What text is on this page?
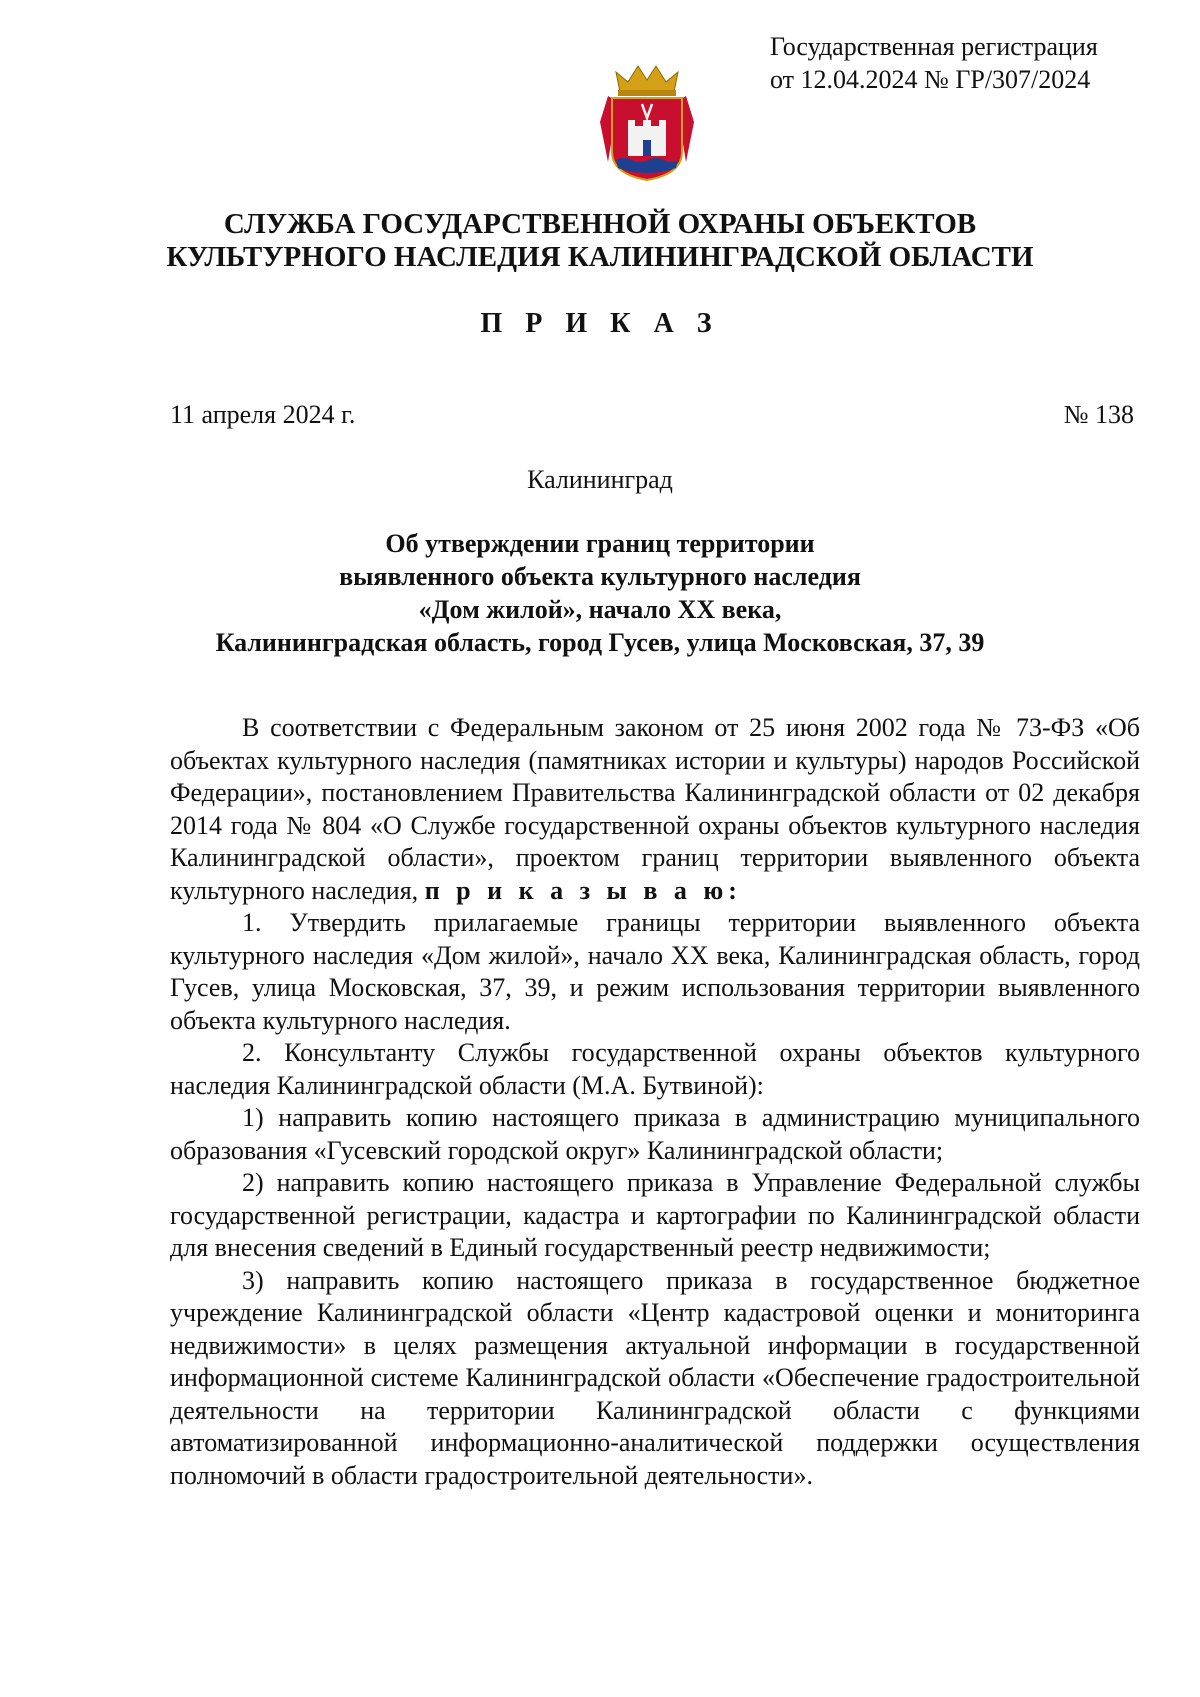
Государственная регистрация
от 12.04.2024 № ГР/307/2024
СЛУЖБА ГОСУДАРСТВЕННОЙ ОХРАНЫ ОБЪЕКТОВ
КУЛЬТУРНОГО НАСЛЕДИЯ КАЛИНИНГРАДСКОЙ ОБЛАСТИ
П Р И К А З
11 апреля 2024 г.	№ 138
Калининград
Об утверждении границ территории
выявленного объекта культурного наследия
«Дом жилой», начало XX века,
Калининградская область, город Гусев, улица Московская, 37, 39

В соответствии с Федеральным законом от 25 июня 2002 года № 73-ФЗ «Об объектах культурного наследия (памятниках истории и культуры) народов Российской Федерации», постановлением Правительства Калининградской области от 02 декабря 2014 года № 804 «О Службе государственной охраны объектов культурного наследия Калининградской области», проектом границ территории выявленного объекта культурного наследия, п р и к а з ы в а ю:

1. Утвердить прилагаемые границы территории выявленного объекта культурного наследия «Дом жилой», начало XX века, Калининградская область, город Гусев, улица Московская, 37, 39, и режим использования территории выявленного объекта культурного наследия.

2. Консультанту Службы государственной охраны объектов культурного наследия Калининградской области (М.А. Бутвиной):

1) направить копию настоящего приказа в администрацию муниципального образования «Гусевский городской округ» Калининградской области;

2) направить копию настоящего приказа в Управление Федеральной службы государственной регистрации, кадастра и картографии по Калининградской области для внесения сведений в Единый государственный реестр недвижимости;

3) направить копию настоящего приказа в государственное бюджетное учреждение Калининградской области «Центр кадастровой оценки и мониторинга недвижимости» в целях размещения актуальной информации в государственной информационной системе Калининградской области «Обеспечение градостроительной деятельности на территории Калининградской области с функциями автоматизированной информационно-аналитической поддержки осуществления полномочий в области градостроительной деятельности».
